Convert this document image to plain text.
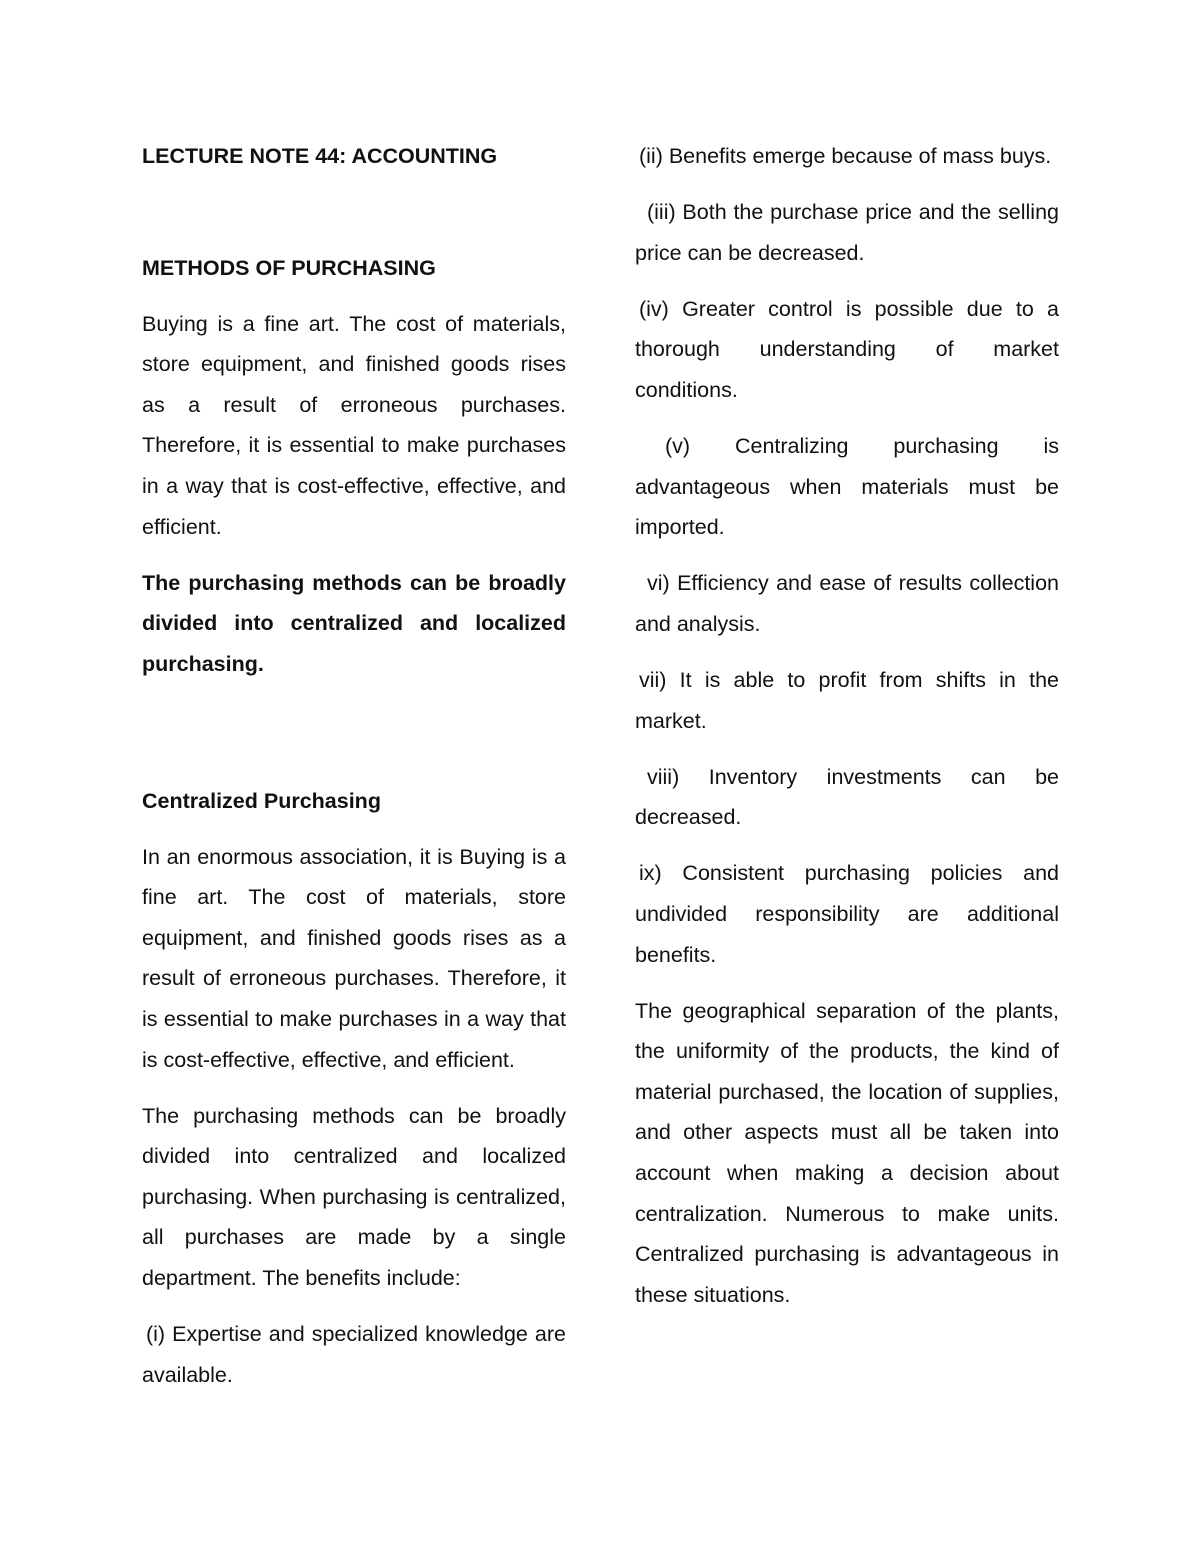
LECTURE NOTE 44: ACCOUNTING

METHODS OF PURCHASING

Buying is a fine art. The cost of materials, store equipment, and finished goods rises as a result of erroneous purchases. Therefore, it is essential to make purchases in a way that is cost-effective, effective, and efficient.

The purchasing methods can be broadly divided into centralized and localized purchasing.

Centralized Purchasing

In an enormous association, it is Buying is a fine art. The cost of materials, store equipment, and finished goods rises as a result of erroneous purchases. Therefore, it is essential to make purchases in a way that is cost-effective, effective, and efficient.

The purchasing methods can be broadly divided into centralized and localized purchasing. When purchasing is centralized, all purchases are made by a single department. The benefits include:

(i) Expertise and specialized knowledge are available.

(ii) Benefits emerge because of mass buys.

(iii) Both the purchase price and the selling price can be decreased.

(iv) Greater control is possible due to a thorough understanding of market conditions.

(v) Centralizing purchasing is advantageous when materials must be imported.

vi) Efficiency and ease of results collection and analysis.

vii) It is able to profit from shifts in the market.

viii) Inventory investments can be decreased.

ix) Consistent purchasing policies and undivided responsibility are additional benefits.

The geographical separation of the plants, the uniformity of the products, the kind of material purchased, the location of supplies, and other aspects must all be taken into account when making a decision about centralization. Numerous to make units. Centralized purchasing is advantageous in these situations.
